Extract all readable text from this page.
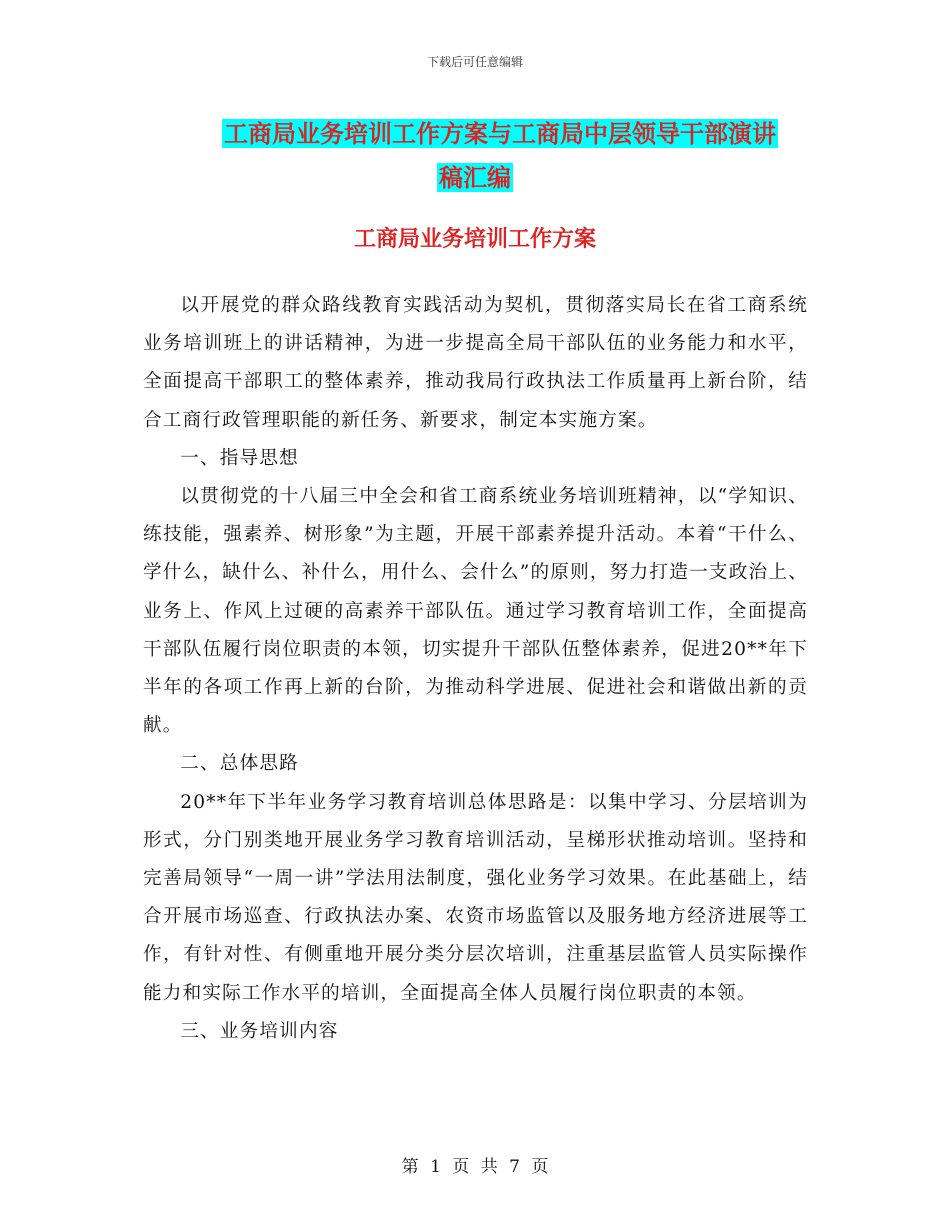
下载后可任意编辑
工商局业务培训工作方案与工商局中层领导干部演讲
稿汇编
工商局业务培训工作方案

以开展党的群众路线教育实践活动为契机，贯彻落实局长在省工商系统业务培训班上的讲话精神，为进一步提高全局干部队伍的业务能力和水平，全面提高干部职工的整体素养，推动我局行政执法工作质量再上新台阶，结合工商行政管理职能的新任务、新要求，制定本实施方案。

一、指导思想

以贯彻党的十八届三中全会和省工商系统业务培训班精神，以“学知识、练技能，强素养、树形象”为主题，开展干部素养提升活动。本着“干什么、学什么，缺什么、补什么，用什么、会什么”的原则，努力打造一支政治上、业务上、作风上过硬的高素养干部队伍。通过学习教育培训工作，全面提高干部队伍履行岗位职责的本领，切实提升干部队伍整体素养，促进20**年下半年的各项工作再上新的台阶，为推动科学进展、促进社会和谐做出新的贡献。

二、总体思路

20**年下半年业务学习教育培训总体思路是：以集中学习、分层培训为形式，分门别类地开展业务学习教育培训活动，呈梯形状推动培训。坚持和完善局领导“一周一讲”学法用法制度，强化业务学习效果。在此基础上，结合开展市场巡查、行政执法办案、农资市场监管以及服务地方经济进展等工作，有针对性、有侧重地开展分类分层次培训，注重基层监管人员实际操作能力和实际工作水平的培训，全面提高全体人员履行岗位职责的本领。

三、业务培训内容

第 1 页 共 7 页
